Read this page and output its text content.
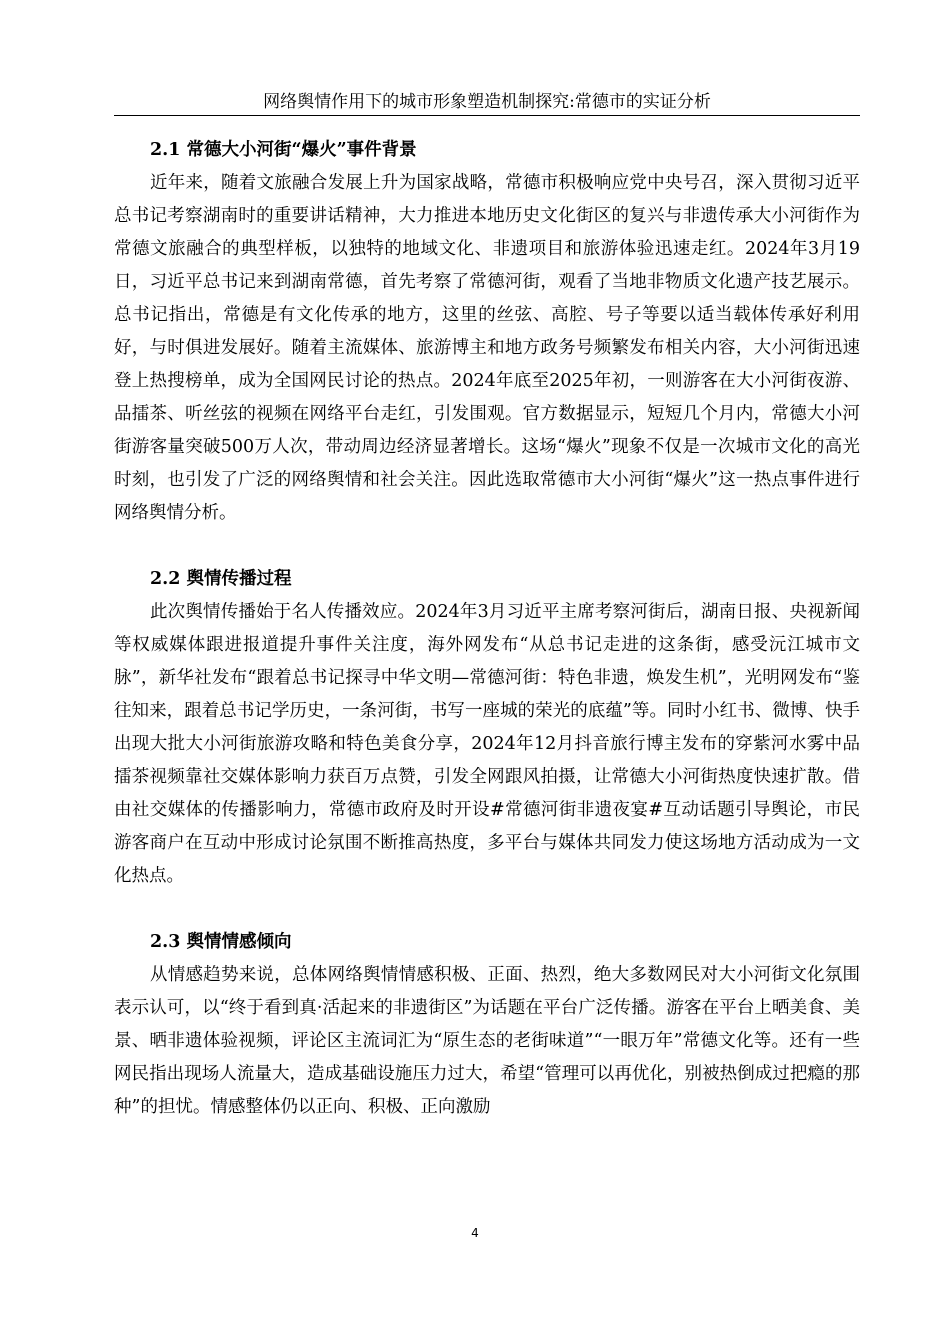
网络舆情作用下的城市形象塑造机制探究:常德市的实证分析
2.1 常德大小河街“爆火”事件背景

近年来，随着文旅融合发展上升为国家战略，常德市积极响应党中央号召，深入贯彻习近平总书记考察湖南时的重要讲话精神，大力推进本地历史文化街区的复兴与非遗传承大小河街作为常德文旅融合的典型样板，以独特的地域文化、非遗项目和旅游体验迅速走红。2024年3月19日，习近平总书记来到湖南常德，首先考察了常德河街，观看了当地非物质文化遗产技艺展示。总书记指出，常德是有文化传承的地方，这里的丝弦、高腔、号子等要以适当载体传承好利用好，与时俱进发展好。随着主流媒体、旅游博主和地方政务号频繁发布相关内容，大小河街迅速登上热搜榜单，成为全国网民讨论的热点。2024年底至2025年初，一则游客在大小河街夜游、品擂茶、听丝弦的视频在网络平台走红，引发围观。官方数据显示，短短几个月内，常德大小河街游客量突破500万人次，带动周边经济显著增长。这场“爆火”现象不仅是一次城市文化的高光时刻，也引发了广泛的网络舆情和社会关注。因此选取常德市大小河街“爆火”这一热点事件进行网络舆情分析。

2.2 舆情传播过程

此次舆情传播始于名人传播效应。2024年3月习近平主席考察河街后，湖南日报、央视新闻等权威媒体跟进报道提升事件关注度，海外网发布“从总书记走进的这条街，感受沅江城市文脉”，新华社发布“跟着总书记探寻中华文明—常德河街：特色非遗，焕发生机”，光明网发布“鉴往知来，跟着总书记学历史，一条河街，书写一座城的荣光的底蕴”等。同时小红书、微博、快手出现大批大小河街旅游攻略和特色美食分享，2024年12月抖音旅行博主发布的穿紫河水雾中品擂茶视频靠社交媒体影响力获百万点赞，引发全网跟风拍摄，让常德大小河街热度快速扩散。借由社交媒体的传播影响力，常德市政府及时开设#常德河街非遗夜宴#互动话题引导舆论，市民游客商户在互动中形成讨论氛围不断推高热度，多平台与媒体共同发力使这场地方活动成为一文化热点。

2.3 舆情情感倾向

从情感趋势来说，总体网络舆情情感积极、正面、热烈，绝大多数网民对大小河街文化氛围表示认可，以“终于看到真·活起来的非遗街区”为话题在平台广泛传播。游客在平台上晒美食、美景、晒非遗体验视频，评论区主流词汇为“原生态的老街味道”“一眼万年”常德文化等。还有一些网民指出现场人流量大，造成基础设施压力过大，希望“管理可以再优化，别被热倒成过把瘾的那种”的担忧。情感整体仍以正向、积极、正向激励

4
